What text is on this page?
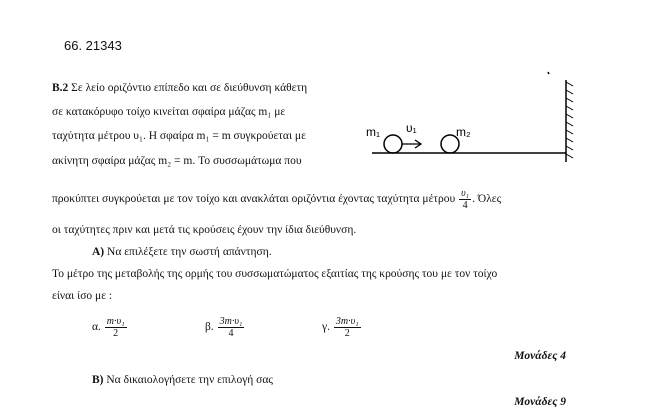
66. 21343
Β.2 Σε λείο οριζόντιο επίπεδο και σε διεύθυνση κάθετη
σε κατακόρυφο τοίχο κινείται σφαίρα μάζας m₁ με
ταχύτητα μέτρου υ₁. Η σφαίρα m₁ = m συγκρούεται με
ακίνητη σφαίρα μάζας m₂ = m. Το συσσωμάτωμα που
m₁ υ₁	m₂
προκύπτει συγκρούεται με τον τοίχο και ανακλάται οριζόντια έχοντας ταχύτητα μέτρου $\frac{\text{υ₁}}{4}$ . Όλες
οι ταχύτητες πριν και μετά τις κρούσεις έχουν την ίδια διεύθυνση.
Α) Να επιλέξετε την σωστή απάντηση.
Το μέτρο της μεταβολής της ορμής του συσσωματώματος εξαιτίας της κρούσης του με τον τοίχο
είναι ίσο με :
α. $\frac{\text{m·υ₁}}{2}$	β. $\frac{\text{3m·υ₁}}{4}$	γ. $\frac{\text{3m·υ₁}}{2}$
Μονάδες 4
Β) Να δικαιολογήσετε την επιλογή σας
Μονάδες 9
